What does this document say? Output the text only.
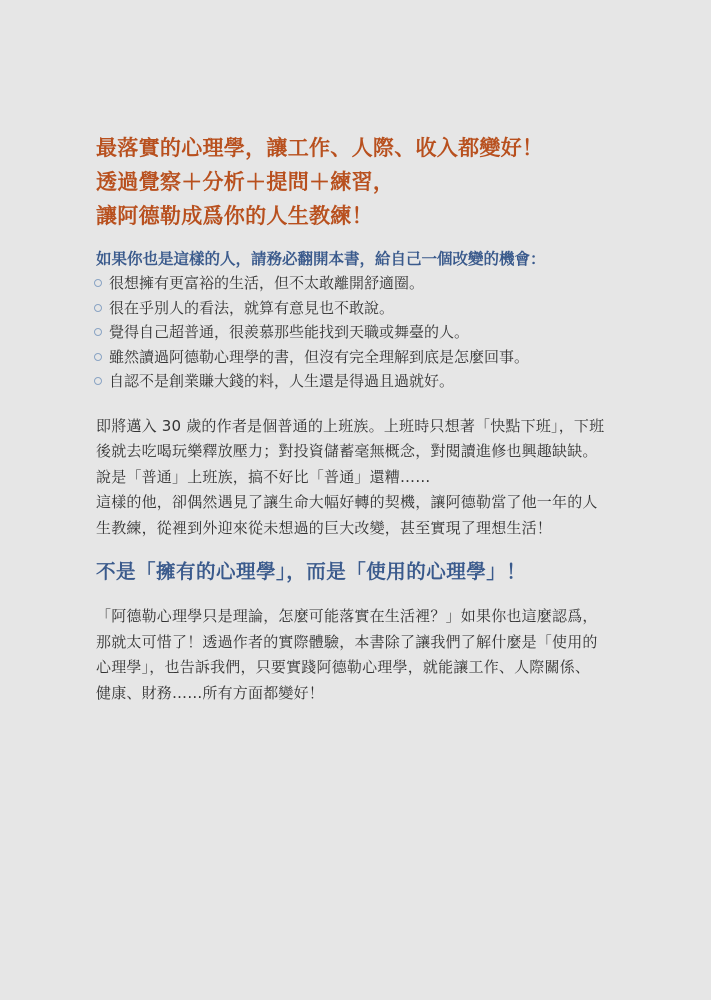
最落實的心理學，讓工作、人際、收入都變好！

透過覺察＋分析＋提問＋練習，

讓阿德勒成爲你的人生教練！

如果你也是這樣的人，請務必翻開本書，給自己一個改變的機會：

很想擁有更富裕的生活，但不太敢離開舒適圈。
很在乎別人的看法，就算有意見也不敢說。
覺得自己超普通，很羨慕那些能找到天職或舞臺的人。
雖然讀過阿德勒心理學的書，但沒有完全理解到底是怎麼回事。
自認不是創業賺大錢的料，人生還是得過且過就好。

即將邁入 30 歲的作者是個普通的上班族。上班時只想著「快點下班」，下班

後就去吃喝玩樂釋放壓力；對投資儲蓄毫無概念，對閱讀進修也興趣缺缺。

說是「普通」上班族，搞不好比「普通」還糟……

這樣的他，卻偶然遇見了讓生命大幅好轉的契機，讓阿德勒當了他一年的人

生教練，從裡到外迎來從未想過的巨大改變，甚至實現了理想生活！

不是「擁有的心理學」，而是「使用的心理學」！

「阿德勒心理學只是理論，怎麼可能落實在生活裡？」如果你也這麼認爲，

那就太可惜了！透過作者的實際體驗，本書除了讓我們了解什麼是「使用的

心理學」，也告訴我們，只要實踐阿德勒心理學，就能讓工作、人際關係、

健康、財務……所有方面都變好！
